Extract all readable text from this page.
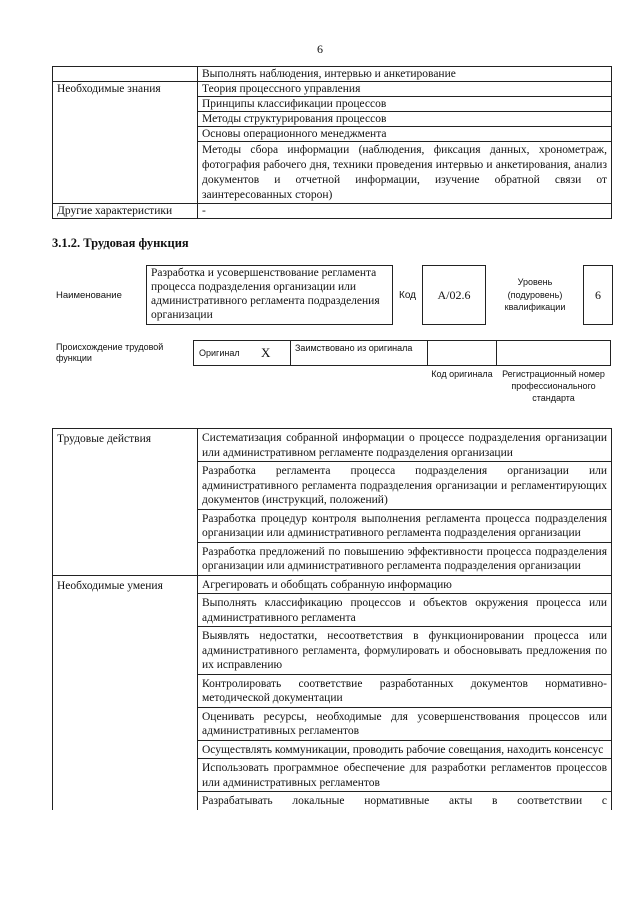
6
	Выполнять наблюдения, интервью и анкетирование
Необходимые знания	Теория процессного управления
	Принципы классификации процессов
	Методы структурирования процессов
	Основы операционного менеджмента
	Методы сбора информации (наблюдения, фиксация данных, хронометраж, фотография рабочего дня, техники проведения интервью и анкетирования, анализ документов и отчетной информации, изучение обратной связи от заинтересованных сторон)
Другие характеристики	-
3.1.2. Трудовая функция
Наименование
Разработка и усовершенствование регламента процесса подразделения организации или административного регламента подразделения организации
Код	A/02.6
Уровень (подуровень) квалификации
6
Происхождение трудовой функции	Оригинал X	Заимствовано из оригинала
Код оригинала	Регистрационный номер профессионального стандарта
Трудовые действия	Систематизация собранной информации о процессе подразделения организации или административном регламенте подразделения организации
	Разработка регламента процесса подразделения организации или административного регламента подразделения организации и регламентирующих документов (инструкций, положений)
	Разработка процедур контроля выполнения регламента процесса подразделения организации или административного регламента подразделения организации
	Разработка предложений по повышению эффективности процесса подразделения организации или административного регламента подразделения организации
Необходимые умения	Агрегировать и обобщать собранную информацию
	Выполнять классификацию процессов и объектов окружения процесса или административного регламента
	Выявлять недостатки, несоответствия в функционировании процесса или административного регламента, формулировать и обосновывать предложения по их исправлению
	Контролировать соответствие разработанных документов нормативно-методической документации
	Оценивать ресурсы, необходимые для усовершенствования процессов или административных регламентов
	Осуществлять коммуникации, проводить рабочие совещания, находить консенсус
	Использовать программное обеспечение для разработки регламентов процессов или административных регламентов
	Разрабатывать локальные нормативные акты в соответствии с
